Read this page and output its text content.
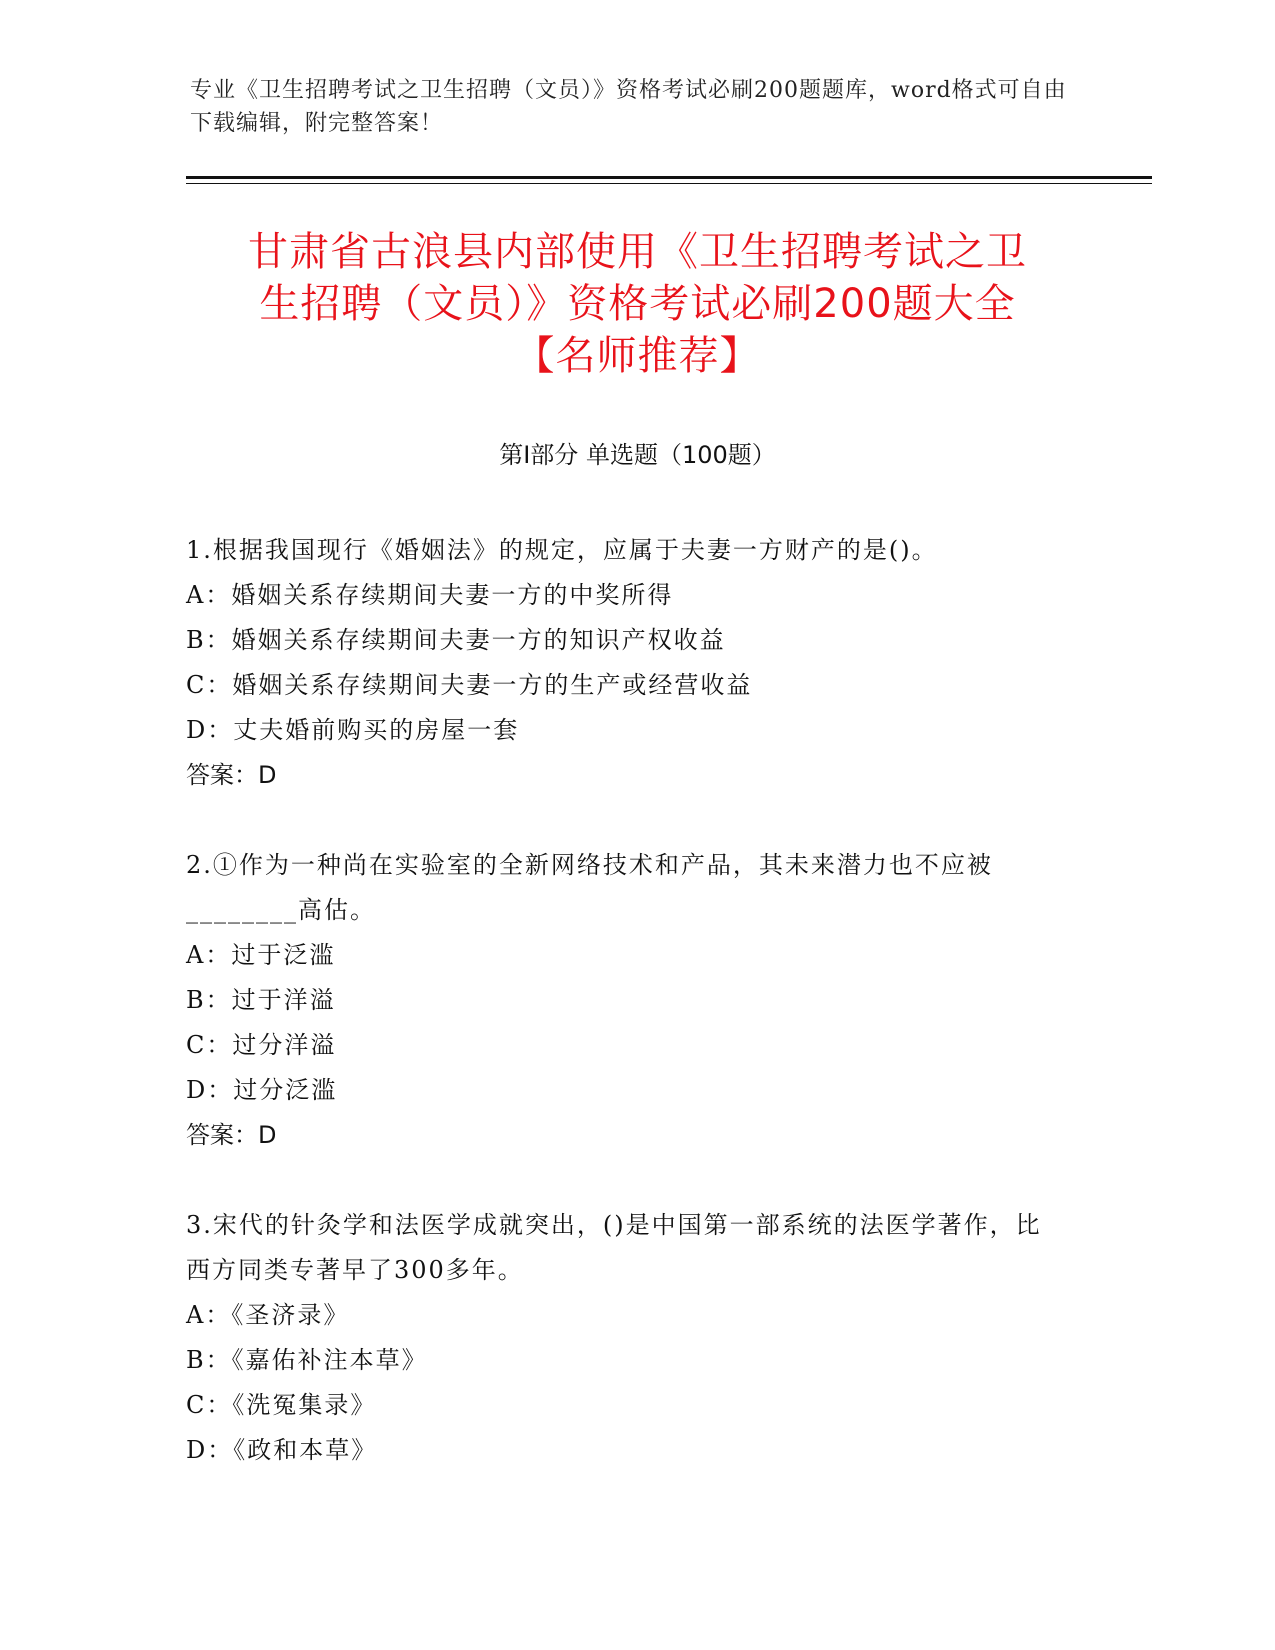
专业《卫生招聘考试之卫生招聘（文员）》资格考试必刷200题题库，word格式可自由下载编辑，附完整答案！
甘肃省古浪县内部使用《卫生招聘考试之卫
生招聘（文员）》资格考试必刷200题大全
【名师推荐】
第Ⅰ部分 单选题（100题）
1.根据我国现行《婚姻法》的规定，应属于夫妻一方财产的是()。
A：婚姻关系存续期间夫妻一方的中奖所得
B：婚姻关系存续期间夫妻一方的知识产权收益
C：婚姻关系存续期间夫妻一方的生产或经营收益
D：丈夫婚前购买的房屋一套
答案：D
2.①作为一种尚在实验室的全新网络技术和产品，其未来潜力也不应被________高估。
A：过于泛滥
B：过于洋溢
C：过分洋溢
D：过分泛滥
答案：D
3.宋代的针灸学和法医学成就突出，()是中国第一部系统的法医学著作，比西方同类专著早了300多年。
A：《圣济录》
B：《嘉佑补注本草》
C：《洗冤集录》
D：《政和本草》
